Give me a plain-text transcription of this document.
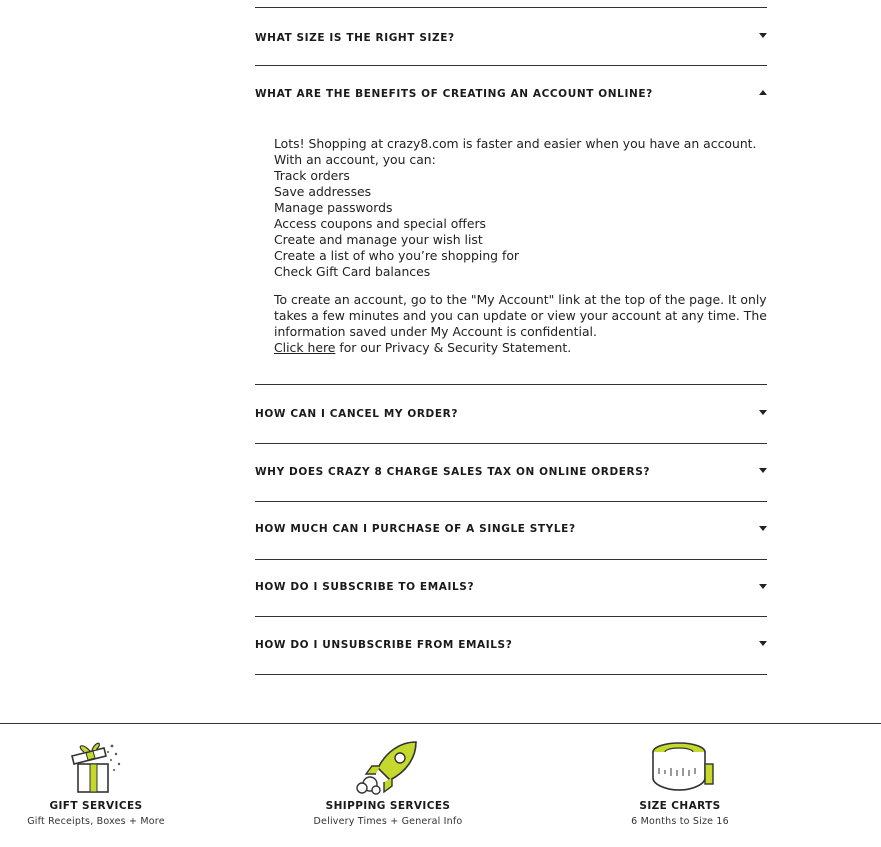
WHAT SIZE IS THE RIGHT SIZE?
WHAT ARE THE BENEFITS OF CREATING AN ACCOUNT ONLINE?
Lots! Shopping at crazy8.com is faster and easier when you have an account.
With an account, you can:
Track orders
Save addresses
Manage passwords
Access coupons and special offers
Create and manage your wish list
Create a list of who you’re shopping for
Check Gift Card balances
To create an account, go to the "My Account" link at the top of the page. It only
takes a few minutes and you can update or view your account at any time. The
information saved under My Account is confidential.
Click here for our Privacy & Security Statement.
HOW CAN I CANCEL MY ORDER?
WHY DOES CRAZY 8 CHARGE SALES TAX ON ONLINE ORDERS?
HOW MUCH CAN I PURCHASE OF A SINGLE STYLE?
HOW DO I SUBSCRIBE TO EMAILS?
HOW DO I UNSUBSCRIBE FROM EMAILS?
GIFT SERVICES
Gift Receipts, Boxes + More
SHIPPING SERVICES
Delivery Times + General Info
SIZE CHARTS
6 Months to Size 16
